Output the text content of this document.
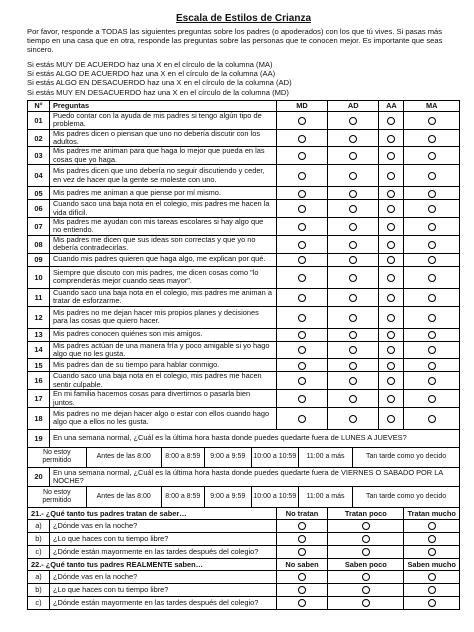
Escala de Estilos de Crianza
Por favor, responde a TODAS las siguientes preguntas sobre los padres (o apoderados) con los que tú vives. Si pasas más tiempo en una casa que en otra, responde las preguntas sobre las personas que te conocen mejor. Es importante que seas sincero.
Si estás MUY DE ACUERDO haz una X en el círculo de la columna (MA)
Si estás ALGO DE ACUERDO haz una X en el círculo de la columna (AA)
Si estás ALGO EN DESACUERDO haz una X en el círculo de la columna (AD)
Si estás MUY EN DESACUERDO haz una X en el círculo de la columna (MD)
N°	Preguntas					MD		AD		AA	MA
01	Puedo contar con la ayuda de mis padres si tengo algún tipo de problema.										
02	Mis padres dicen o piensan que uno no debería discutir con los adultos.										
03	Mis padres me animan para que haga lo mejor que pueda en las cosas que yo haga.										
04	Mis padres dicen que uno debería no seguir discutiendo y ceder, en vez de hacer que la gente se moleste con uno.										
05	Mis padres me animan a que piense por mí mismo.										
06	Cuando saco una baja nota en el colegio, mis padres me hacen la vida difícil.										
07	Mis padres me ayudan con mis tareas escolares si hay algo que no entiendo.										
08	Mis padres me dicen que sus ideas son correctas y que yo no debería contradecirlas.										
09	Cuando mis padres quieren que haga algo, me explican por qué.										
10	Siempre que discuto con mis padres, me dicen cosas como "lo comprenderás mejor cuando seas mayor".										
11	Cuando saco una baja nota en el colegio, mis padres me animan a tratar de esforzarme.										
12	Mis padres no me dejan hacer mis propios planes y decisiones para las cosas que quiero hacer.										
13	Mis padres conocen quiénes son mis amigos.										
14	Mis padres actúan de una manera fría y poco amigable si yo hago algo que no les gusta.										
15	Mis padres dan de su tiempo para hablar conmigo.										
16	Cuando saco una baja nota en el colegio, mis padres me hacen sentir culpable.										
17	En mi familia hacemos cosas para divertirnos o pasarla bien juntos.										
18	Mis padres no me dejan hacer algo o estar con ellos cuando hago algo que a ellos no les gusta.										
19	En una semana normal, ¿Cuál es la última hora hasta donde puedes quedarte fuera de LUNES A JUEVES?										
No estoy permitido		Antes de las 8:00	8:00 a 8:59	9:00 a 9:59	10:00 a 10:59		11:00 a más		Tan tarde como yo decido		
20	En una semana normal, ¿Cuál es la última hora hasta donde puedes quedarte fuera de VIERNES O SABADO POR LA NOCHE?										
No estoy permitido		Antes de las 8:00	8:00 a 8:59	9:00 a 9:59	10:00 a 10:59		11:00 a más		Tan tarde como yo decido		
21.- ¿Qué tanto tus padres tratan de saber…						No tratan		Tratan poco			Tratan mucho
a)	¿Dónde vas en la noche?										
b)	¿Lo que haces con tu tiempo libre?										
c)	¿Dónde están mayormente en las tardes después del colegio?										
22.- ¿Qué tanto tus padres REALMENTE saben…						No saben		Saben poco			Saben mucho
a)	¿Dónde vas en la noche?										
b)	¿Lo que haces con tu tiempo libre?										
c)	¿Dónde están mayormente en las tardes después del colegio?										
